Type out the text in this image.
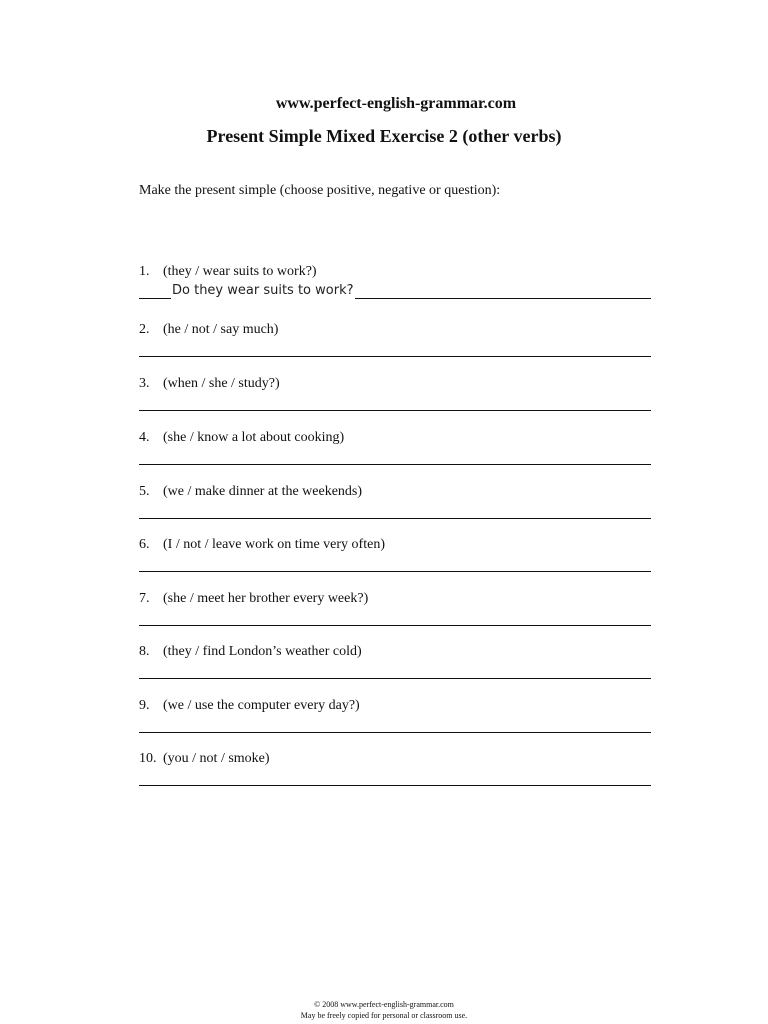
www.perfect-english-grammar.com
Present Simple Mixed Exercise 2 (other verbs)
Make the present simple (choose positive, negative or question):
1. (they / wear suits to work?)
Do they wear suits to work?
2. (he / not / say much)
3. (when / she / study?)
4. (she / know a lot about cooking)
5. (we / make dinner at the weekends)
6. (I / not / leave work on time very often)
7. (she / meet her brother every week?)
8. (they / find London’s weather cold)
9. (we / use the computer every day?)
10. (you / not / smoke)
© 2008 www.perfect-english-grammar.com
May be freely copied for personal or classroom use.
